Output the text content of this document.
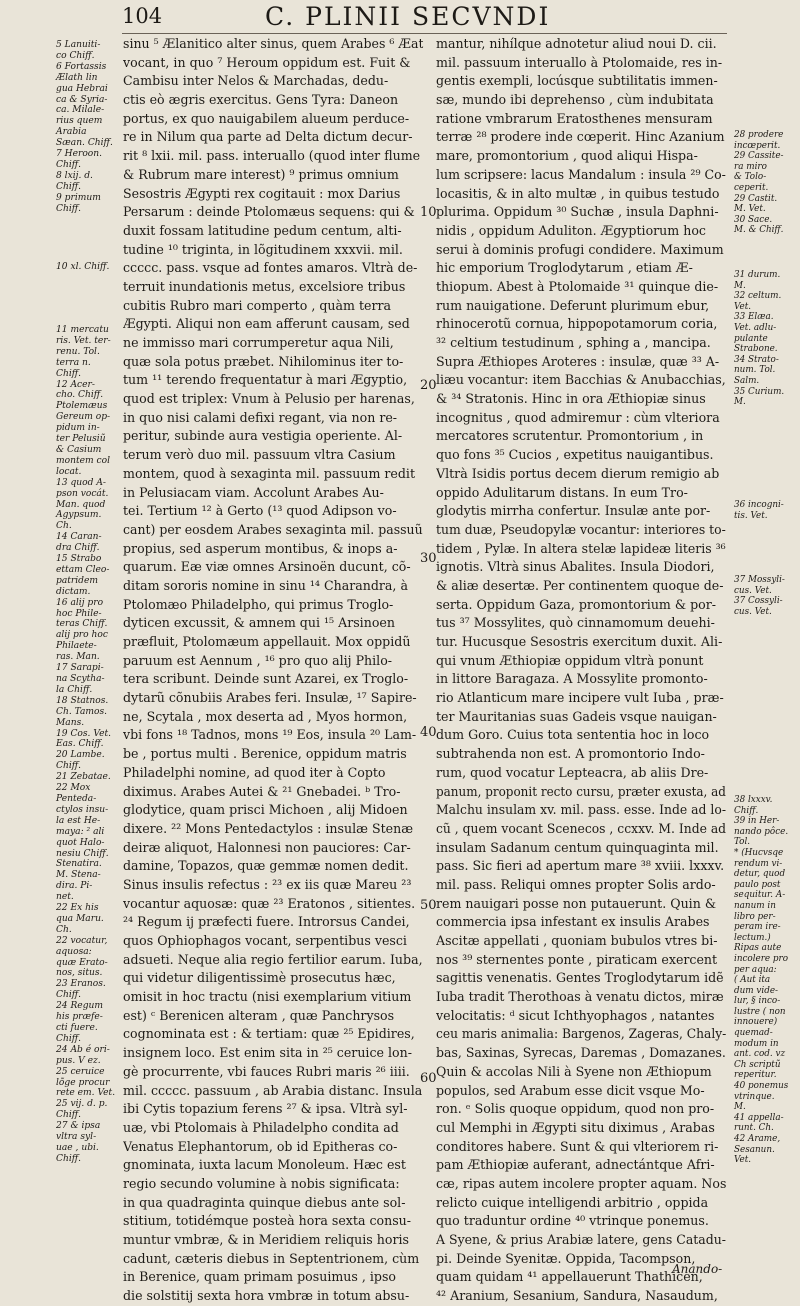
104	C. PLINII SECVNDI
5 Lanuiti-
co Chiff.
6 Fortassis
Ælath lin
gua Hebrai
ca & Syria-
ca. Milale-
rius quem
Arabia
Sæan. Chiff.
7 Heroon.
Chiff.
8 lxij. d.
Chiff.
9 primum
Chiff.
10 xl. Chiff.
11 mercatu
ris. Vet. ter-
renu. Tol.
terra n.
Chiff.
12 Acer-
cho. Chiff.
Ptolemæus
Gereum op-
pidum in-
ter Pelusiũ
& Casium
montem col
locat.
13 quod A-
pson vocát.
Man. quod
Agypsum.
Ch.
14 Caran-
dra Chiff.
15 Strabo
ettam Cleo-
patridem
dictam.
16 alij pro
hoc Phile-
teras Chiff.
alij pro hoc
Philaete-
ras. Man.
17 Sarapi-
na Scytha-
la Chiff.
18 Statnos.
Ch. Tamos.
Mans.
19 Cos. Vet.
Eas. Chiff.
20 Lambe.
Chiff.
21 Zebatae.
22 Mox
Penteda-
ctylos insu-
la est He-
maya: ² ali
quot Halo-
nesiu Chiff.
Stenatira.
M. Stena-
dira. Pi-
net.
22 Ex his
qua Maru.
Ch.
22 vocatur,
aquosa:
quæ Erato-
nos, situs.
23 Eranos.
Chiff.
24 Regum
his præfe-
cti fuere.
Chiff.
24 Ab é ori-
pus. V ez.
25 ceruice
lõge procur
rete em. Vet.
25 vij. d. p.
Chiff.
27 & ipsa
vltra syl-
uae , ubi.
Chiff.
sinu ⁵ Ælanitico alter sinus, quem Arabes ⁶ Æat
vocant, in quo ⁷ Heroum oppidum est. Fuit &
Cambisu inter Nelos & Marchadas, dedu-
ctis eò ægris exercitus. Gens Tyra: Daneon
portus, ex quo nauigabilem alueum perduce-
re in Nilum qua parte ad Delta dictum decur-
rit ⁸ lxii. mil. pass. interuallo (quod inter flume
& Rubrum mare interest) ⁹ primus omnium
Sesostris Ægypti rex cogitauit : mox Darius
Persarum : deinde Ptolomæus sequens: qui &
duxit fossam latitudine pedum centum, alti-
tudine ¹⁰ triginta, in lõgitudinem xxxvii. mil.
ccccc. pass. vsque ad fontes amaros. Vltrà de-
terruit inundationis metus, excelsiore tribus
cubitis Rubro mari comperto , quàm terra
Ægypti. Aliqui non eam afferunt causam, sed
ne immisso mari corrumperetur aqua Nili,
quæ sola potus præbet. Nihilominus iter to-
tum ¹¹ terendo frequentatur à mari Ægyptio,
quod est triplex: Vnum à Pelusio per harenas,
in quo nisi calami defixi regant, via non re-
peritur, subinde aura vestigia operiente. Al-
terum verò duo mil. passuum vltra Casium
montem, quod à sexaginta mil. passuum redit
in Pelusiacam viam. Accolunt Arabes Au-
tei. Tertium ¹² à Gerto (¹³ quod Adipson vo-
cant) per eosdem Arabes sexaginta mil. passuũ
propius, sed asperum montibus, & inops a-
quarum. Eæ viæ omnes Arsinoën ducunt, cõ-
ditam sororis nomine in sinu ¹⁴ Charandra, à
Ptolomæo Philadelpho, qui primus Troglo-
dyticen excussit, & amnem qui ¹⁵ Arsinoen
præfluit, Ptolomæum appellauit. Mox oppidũ
paruum est Aennum , ¹⁶ pro quo alij Philo-
tera scribunt. Deinde sunt Azarei, ex Troglo-
dytarũ cõnubiis Arabes feri. Insulæ, ¹⁷ Sapire-
ne, Scytala , mox deserta ad , Myos hormon,
vbi fons ¹⁸ Tadnos, mons ¹⁹ Eos, insula ²⁰ Lam-
be , portus multi . Berenice, oppidum matris
Philadelphi nomine, ad quod iter à Copto
diximus. Arabes Autei & ²¹ Gnebadei. ᵇ Tro-
glodytice, quam prisci Michoen , alij Midoen
dixere. ²² Mons Pentedactylos : insulæ Stenæ
deiræ aliquot, Halonnesi non pauciores: Car-
damine, Topazos, quæ gemmæ nomen dedit.
Sinus insulis refectus : ²³ ex iis quæ Mareu ²³
vocantur aquosæ: quæ ²³ Eratonos , sitientes.
²⁴ Regum ij præfecti fuere. Introrsus Candei,
quos Ophiophagos vocant, serpentibus vesci
adsueti. Neque alia regio fertilior earum. Iuba,
qui videtur diligentissimè prosecutus hæc,
omisit in hoc tractu (nisi exemplarium vitium
est) ᶜ Berenicen alteram , quæ Panchrysos
cognominata est : & tertiam: quæ ²⁵ Epidires,
insignem loco. Est enim sita in ²⁵ ceruice lon-
gè procurrente, vbi fauces Rubri maris ²⁶ iiii.
mil. ccccc. passuum , ab Arabia distanc. Insula
ibi Cytis topazium ferens ²⁷ & ipsa. Vltrà syl-
uæ, vbi Ptolomais à Philadelpho condita ad
Venatus Elephantorum, ob id Epitheras co-
gnominata, iuxta lacum Monoleum. Hæc est
regio secundo volumine à nobis significata:
in qua quadraginta quinque diebus ante sol-
stitium, totidémque posteà hora sexta consu-
muntur vmbræ, & in Meridiem reliquis horis
cadunt, cæteris diebus in Septentrionem, cùm
in Berenice, quam primam posuimus , ipso
die solstitij sexta hora vmbræ in totum absu-
10
20
30
40
50
60
mantur, nihílque adnotetur aliud noui D. cii.
mil. passuum interuallo à Ptolomaide, res in-
gentis exempli, locúsque subtilitatis immen-
sæ, mundo ibi deprehenso , cùm indubitata
ratione vmbrarum Eratosthenes mensuram
terræ ²⁸ prodere inde cœperit. Hinc Azanium
mare, promontorium , quod aliqui Hispa-
lum scripsere: lacus Mandalum : insula ²⁹ Co-
locasitis, & in alto multæ , in quibus testudo
plurima. Oppidum ³⁰ Suchæ , insula Daphni-
nidis , oppidum Aduliton. Ægyptiorum hoc
serui à dominis profugi condidere. Maximum
hic emporium Troglodytarum , etiam Æ-
thiopum. Abest à Ptolomaide ³¹ quinque die-
rum nauigatione. Deferunt plurimum ebur,
rhinocerotũ cornua, hippopotamorum coria,
³² celtium testudinum , sphing a , mancipa.
Supra Æthiopes Aroteres : insulæ, quæ ³³ A-
liæu vocantur: item Bacchias & Anubacchias,
& ³⁴ Stratonis. Hinc in ora Æthiopiæ sinus
incognitus , quod admiremur : cùm vlteriora
mercatores scrutentur. Promontorium , in
quo fons ³⁵ Cucios , expetitus nauigantibus.
Vltrà Isidis portus decem dierum remigio ab
oppido Adulitarum distans. In eum Tro-
glodytis mirrha confertur. Insulæ ante por-
tum duæ, Pseudopylæ vocantur: interiores to-
tidem , Pylæ. In altera stelæ lapideæ literis ³⁶
ignotis. Vltrà sinus Abalites. Insula Diodori,
& aliæ desertæ. Per continentem quoque de-
serta. Oppidum Gaza, promontorium & por-
tus ³⁷ Mossylites, quò cinnamomum deuehi-
tur. Hucusque Sesostris exercitum duxit. Ali-
qui vnum Æthiopiæ oppidum vltrà ponunt
in littore Baragaza. A Mossylite promonto-
rio Atlanticum mare incipere vult Iuba , præ-
ter Mauritanias suas Gadeis vsque nauigan-
dum Goro. Cuius tota sententia hoc in loco
subtrahenda non est. A promontorio Indo-
rum, quod vocatur Lepteacra, ab aliis Dre-
panum, proponit recto cursu, præter exusta, ad
Malchu insulam xv. mil. pass. esse. Inde ad lo-
cũ , quem vocant Scenecos , ccxxv. M. Inde ad
insulam Sadanum centum quinquaginta mil.
pass. Sic fieri ad apertum mare ³⁸ xviii. lxxxv.
mil. pass. Reliqui omnes propter Solis ardo-
rem nauigari posse non putauerunt. Quin &
commercia ipsa infestant ex insulis Arabes
Ascitæ appellati , quoniam bubulos vtres bi-
nos ³⁹ sternentes ponte , piraticam exercent
sagittis venenatis. Gentes Troglodytarum idẽ
Iuba tradit Therothoas à venatu dictos, miræ
velocitatis: ᵈ sicut Ichthyophagos , natantes
ceu maris animalia: Bargenos, Zageras, Chaly-
bas, Saxinas, Syrecas, Daremas , Domazanes.
Quin & accolas Nili à Syene non Æthiopum
populos, sed Arabum esse dicit vsque Mo-
ron. ᵉ Solis quoque oppidum, quod non pro-
cul Memphi in Ægypti situ diximus , Arabas
conditores habere. Sunt & qui vlteriorem ri-
pam Æthiopiæ auferant, adnectántque Afri-
cæ, ripas autem incolere propter aquam. Nos
relicto cuique intelligendi arbitrio , oppida
quo traduntur ordine ⁴⁰ vtrinque ponemus.
A Syene, & prius Arabiæ latere, gens Catadu-
pi. Deinde Syenitæ. Oppida, Tacompson,
quam quidam ⁴¹ appellauerunt Thathicen,
⁴² Aranium, Sesanium, Sandura, Nasaudum,
28 prodere
incœperit.
29 Cassite-
ra miro
& Tolo-
ceperit.
29 Castit.
M. Vet.
30 Sace.
M. & Chiff.
31 durum.
M.
32 celtum.
Vet.
33 Elæa.
Vet. adlu-
pulante
Strabone.
34 Strato-
num. Tol.
Salm.
35 Curium.
M.
36 incogni-
tis. Vet.
37 Mossyli-
cus. Vet.
37 Cossyli-
cus. Vet.
38 lxxxv.
Chiff.
39 in Her-
nando pôce.
Tol.
* (Hucvsqe
rendum vi-
detur, quod
paulo post
sequitur. A-
nanum in
libro per-
peram ire-
lectum.)
Ripas aute
incolere pro
per aqua:
( Aut ita
dum vide-
lur, § inco-
lustre ( non
innouere)
quemad-
modum in
ant. cod. vz
Ch scriptũ
reperitur.
40 ponemus
vtrinque.
M.
41 appella-
runt. Ch.
42 Arame,
Sesanun.
Vet.
Anando-
